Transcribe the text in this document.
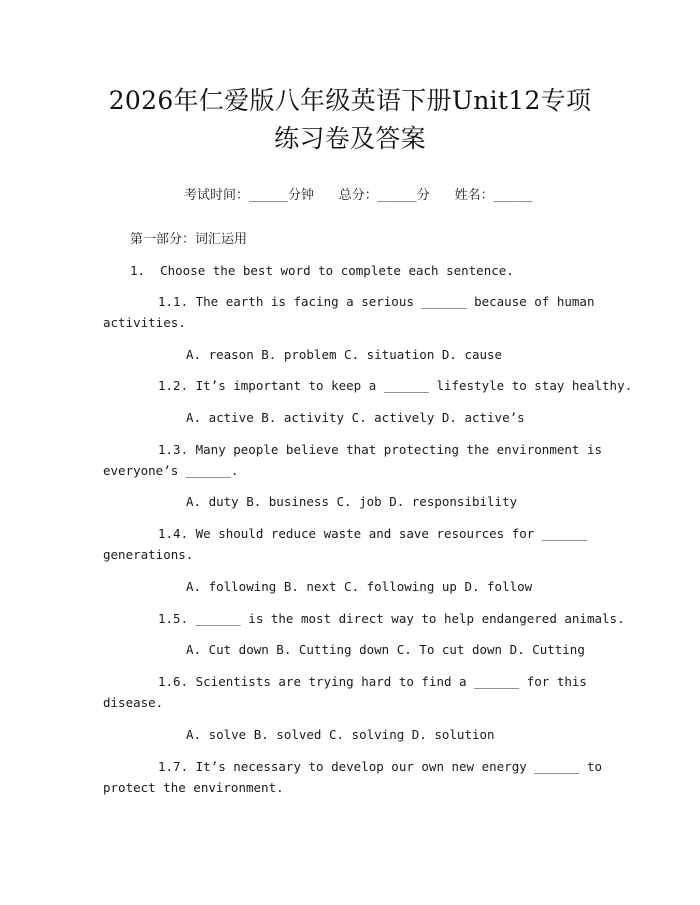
2026年仁爱版八年级英语下册Unit12专项
练习卷及答案

考试时间：______分钟 总分：______分 姓名：______

第一部分：词汇运用
1.  Choose the best word to complete each sentence.
1.1. The earth is facing a serious ______ because of human
activities.
A. reason B. problem C. situation D. cause
1.2. It’s important to keep a ______ lifestyle to stay healthy.
A. active B. activity C. actively D. active’s
1.3. Many people believe that protecting the environment is
everyone’s ______.
A. duty B. business C. job D. responsibility
1.4. We should reduce waste and save resources for ______
generations.
A. following B. next C. following up D. follow
1.5. ______ is the most direct way to help endangered animals.
A. Cut down B. Cutting down C. To cut down D. Cutting
1.6. Scientists are trying hard to find a ______ for this
disease.
A. solve B. solved C. solving D. solution
1.7. It’s necessary to develop our own new energy ______ to
protect the environment.
